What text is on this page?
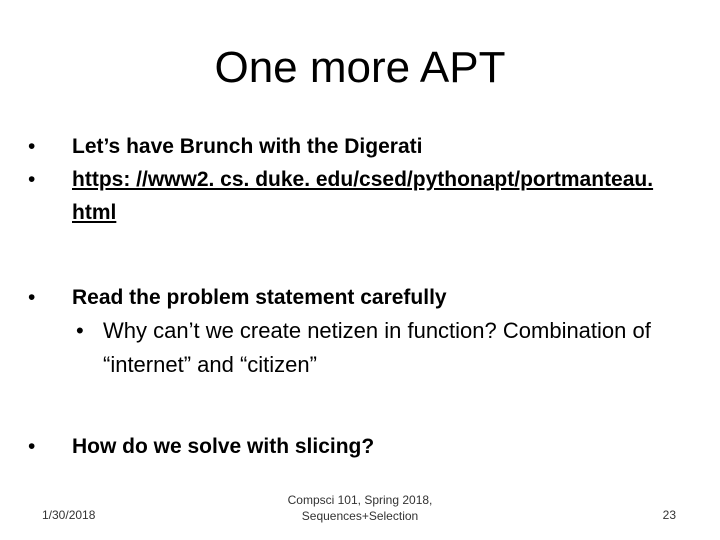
One more APT
• Let’s have Brunch with the Digerati
• https: //www2. cs. duke. edu/csed/pythonapt/portmanteau. html
• Read the problem statement carefully
• Why can’t we create netizen in function? Combination of “internet” and “citizen”
• How do we solve with slicing?
1/30/2018
Compsci 101, Spring 2018, Sequences+Selection	23
